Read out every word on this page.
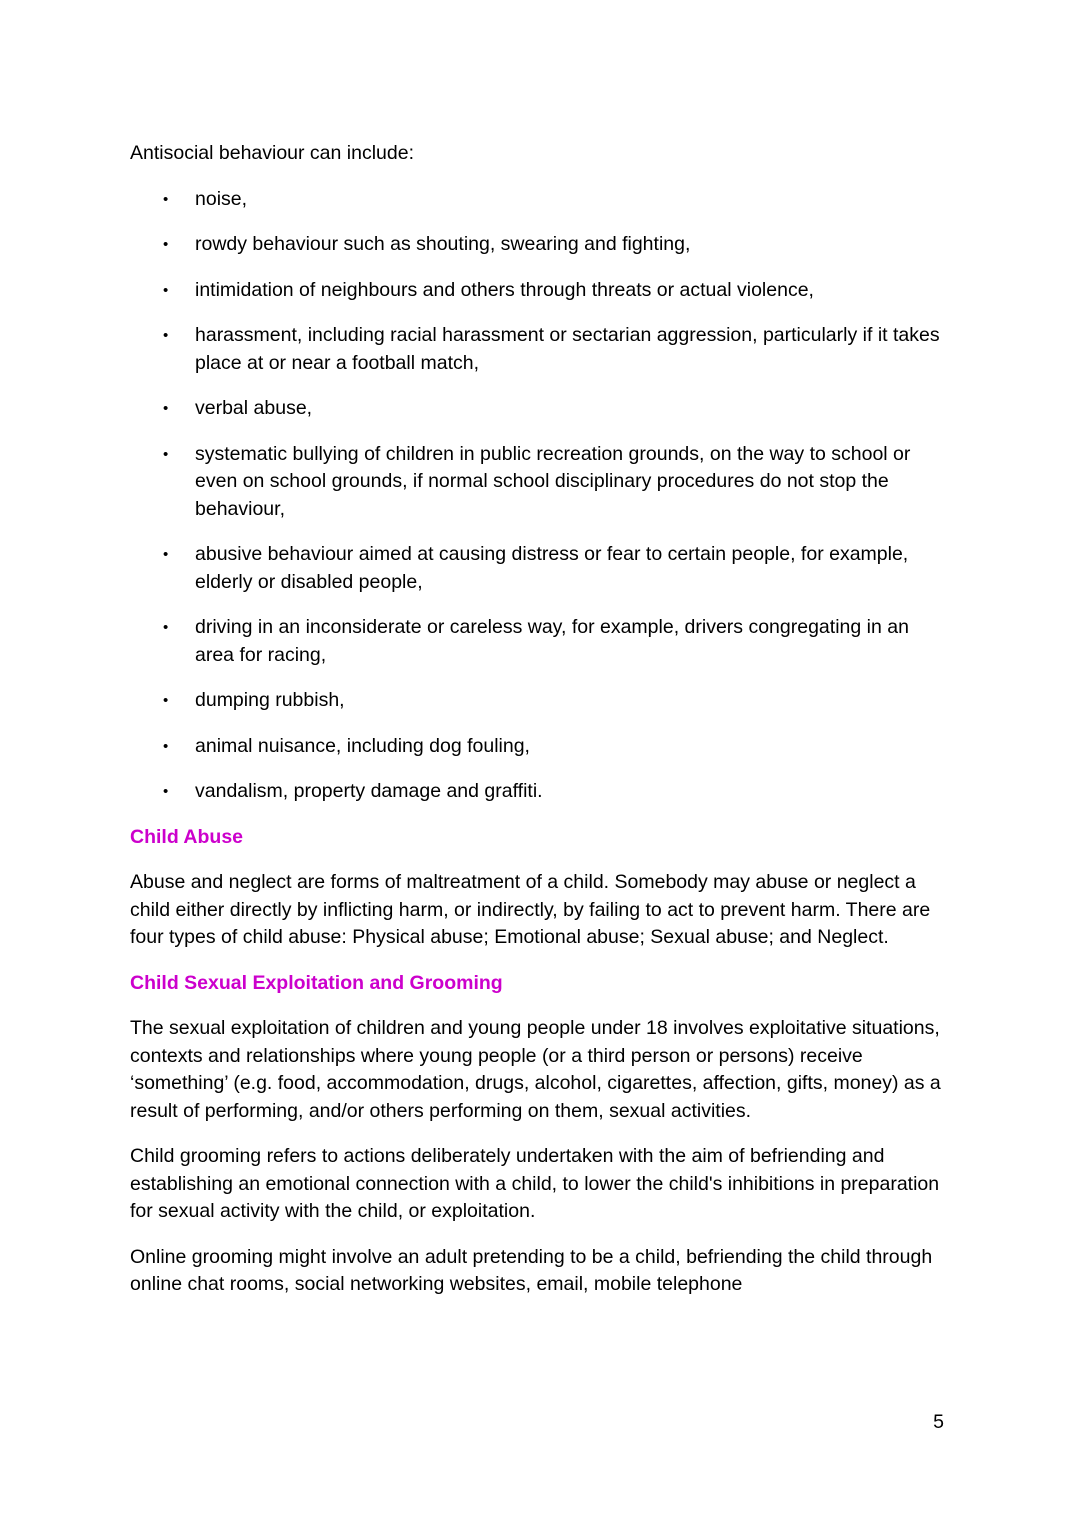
Antisocial behaviour can include:

• noise,
• rowdy behaviour such as shouting, swearing and fighting,
• intimidation of neighbours and others through threats or actual violence,
• harassment, including racial harassment or sectarian aggression, particularly if it takes place at or near a football match,
• verbal abuse,
• systematic bullying of children in public recreation grounds, on the way to school or even on school grounds, if normal school disciplinary procedures do not stop the behaviour,
• abusive behaviour aimed at causing distress or fear to certain people, for example, elderly or disabled people,
• driving in an inconsiderate or careless way, for example, drivers congregating in an area for racing,
• dumping rubbish,
• animal nuisance, including dog fouling,
• vandalism, property damage and graffiti.
Child Abuse

Abuse and neglect are forms of maltreatment of a child. Somebody may abuse or neglect a child either directly by inflicting harm, or indirectly, by failing to act to prevent harm. There are four types of child abuse: Physical abuse; Emotional abuse; Sexual abuse; and Neglect.

Child Sexual Exploitation and Grooming

The sexual exploitation of children and young people under 18 involves exploitative situations, contexts and relationships where young people (or a third person or persons) receive ‘something’ (e.g. food, accommodation, drugs, alcohol, cigarettes, affection, gifts, money) as a result of performing, and/or others performing on them, sexual activities.

Child grooming refers to actions deliberately undertaken with the aim of befriending and establishing an emotional connection with a child, to lower the child's inhibitions in preparation for sexual activity with the child, or exploitation.

Online grooming might involve an adult pretending to be a child, befriending the child through online chat rooms, social networking websites, email, mobile telephone

5
